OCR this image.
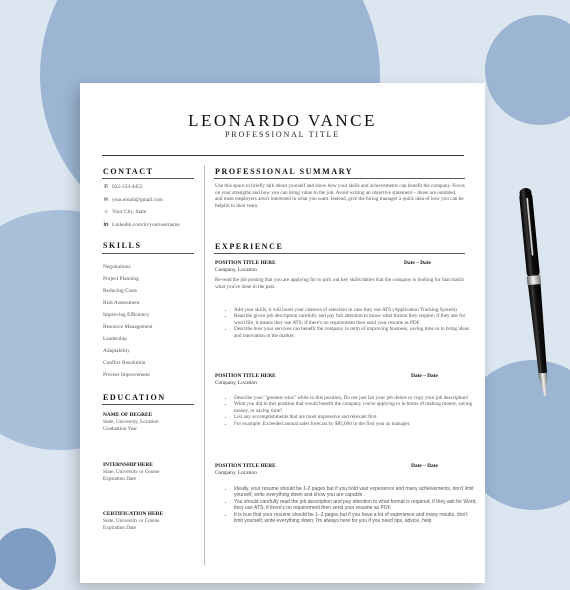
LEONARDO VANCE
PROFESSIONAL TITLE
CONTACT
✆ 022-333-4455
✉ your.email@gmail.com
⌂ Your City, State
in Linkedin.com/in/yourusername
SKILLS
Negotiations
Project Planning
Reducing Costs
Risk Assessment
Improving Efficiency
Resource Management
Leadership
Adaptability
Conflict Resolution
Process Improvement
EDUCATION
NAME OF DEGREE
State, University, Location
Graduation Year
INTERNSHIP HERE
State, University or Course
Expiration Date
CERTIFICATION HERE
State, University or Course
Expiration Date
PROFESSIONAL SUMMARY
Use this space to briefly talk about yourself and show how your skills and achievements can benefit the company. Focus on your strengths and how you can bring value to the job. Avoid writing an objective statement – those are outdated, and most employers aren't interested in what you want. Instead, give the hiring manager a quick idea of how you can be helpful to their team.
EXPERIENCE
POSITION TITLE HERE	Date – Date
Company, Location
Re-read the job posting that you are applying for to pick out key skills/duties that the company is looking for that match what you've done in the past.
• Add your skills, it will boast your chances of selection in case they use ATS (Application Tracking System)
• Read the given job description carefully and pay full attention to know what format they require; if they ask for word file, it means they use ATS; if there's no requirement then send your resume as PDF.
• Describe how your services can benefit the company in term of improving business, saving time or to bring ideas and innovation in the market.
POSITION TITLE HERE	Date – Date
Company, Location
• Describe your "greatest wins" while in this position, Do not just list your job duties or copy your job description!
• What you did in this position that would benefit the company you're applying to in terms of making money, saving money, or saving time?
• List any accomplishments that are most impressive and relevant first.
• For example: Exceeded annual sales forecast by $85,000 in the first year as manager.
POSITION TITLE HERE	Date – Date
Company, Location
• Ideally, your resume should be 1-2 pages but if you hold vast experience and many achievements, don't limit yourself; write everything down and show you are capable.
• You should carefully read the job description and pay attention to what format is required, if they ask for Word, they use ATS; if there's no requirement then send your resume as PDF.
• It is true that your resume should be 1–2 pages but if you have a lot of experience and many results, don't limit yourself; write everything down; I'm always here for you if you need tips, advice, help
